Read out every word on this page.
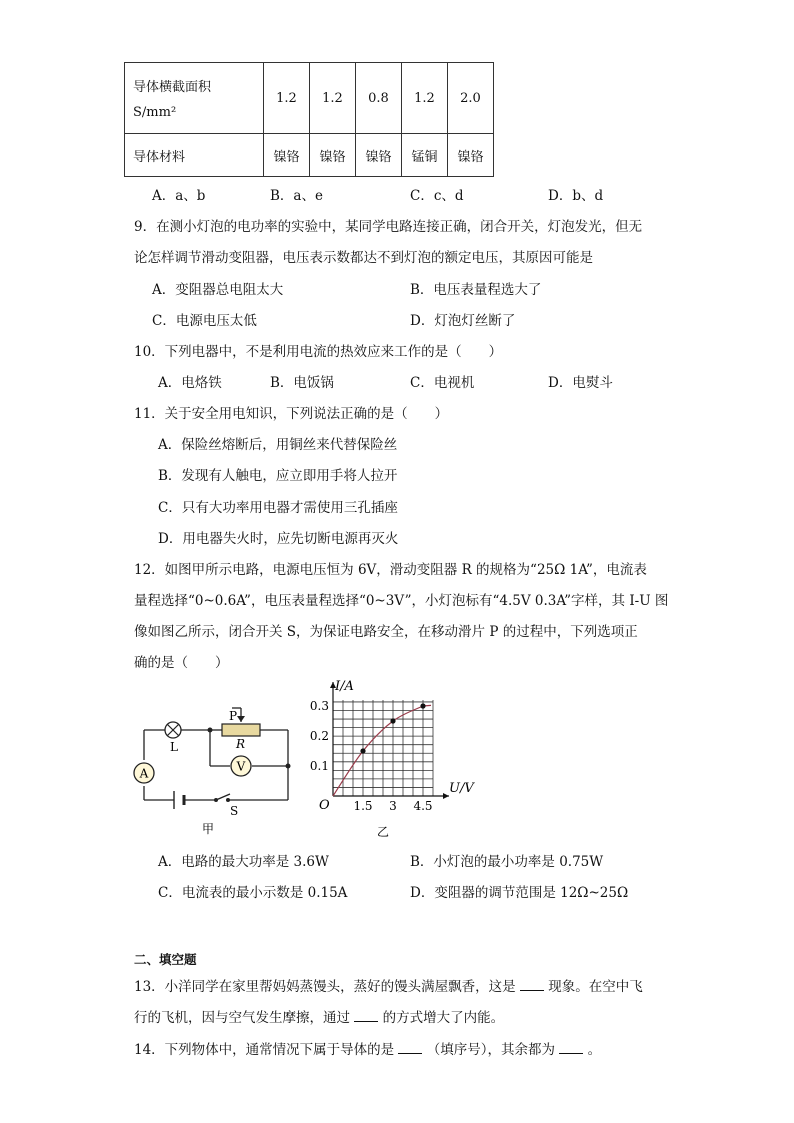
导体横截面积
S/mm²	1.2	1.2	0.8	1.2	2.0
导体材料	镍铬	镍铬	镍铬	锰铜	镍铬
A．a、b	B．a、e	C．c、d	D．b、d
9．在测小灯泡的电功率的实验中，某同学电路连接正确，闭合开关，灯泡发光，但无
论怎样调节滑动变阻器，电压表示数都达不到灯泡的额定电压，其原因可能是
A．变阻器总电阻太大	B．电压表量程选大了
C．电源电压太低	D．灯泡灯丝断了
10．下列电器中，不是利用电流的热效应来工作的是（　　）
A．电烙铁	B．电饭锅	C．电视机	D．电熨斗
11．关于安全用电知识，下列说法正确的是（　　）
A．保险丝熔断后，用铜丝来代替保险丝
B．发现有人触电，应立即用手将人拉开
C．只有大功率用电器才需使用三孔插座
D．用电器失火时，应先切断电源再灭火
12．如图甲所示电路，电源电压恒为 6V，滑动变阻器 R 的规格为“25Ω 1A”，电流表
量程选择“0~0.6A”，电压表量程选择“0~3V”，小灯泡标有“4.5V 0.3A”字样，其 I-U 图
像如图乙所示，闭合开关 S，为保证电路安全，在移动滑片 P 的过程中，下列选项正
确的是（　　）
A	V
P
R
L
S
甲
1.5 3 4.5
0.1
0.2
0.3
I/A
U/V
O
乙
A．电路的最大功率是 3.6W	B．小灯泡的最小功率是 0.75W
C．电流表的最小示数是 0.15A	D．变阻器的调节范围是 12Ω~25Ω
二、填空题
13．小洋同学在家里帮妈妈蒸馒头，蒸好的馒头满屋飘香，这是 现象。在空中飞
行的飞机，因与空气发生摩擦，通过 的方式增大了内能。
14．下列物体中，通常情况下属于导体的是 （填序号），其余都为 。
